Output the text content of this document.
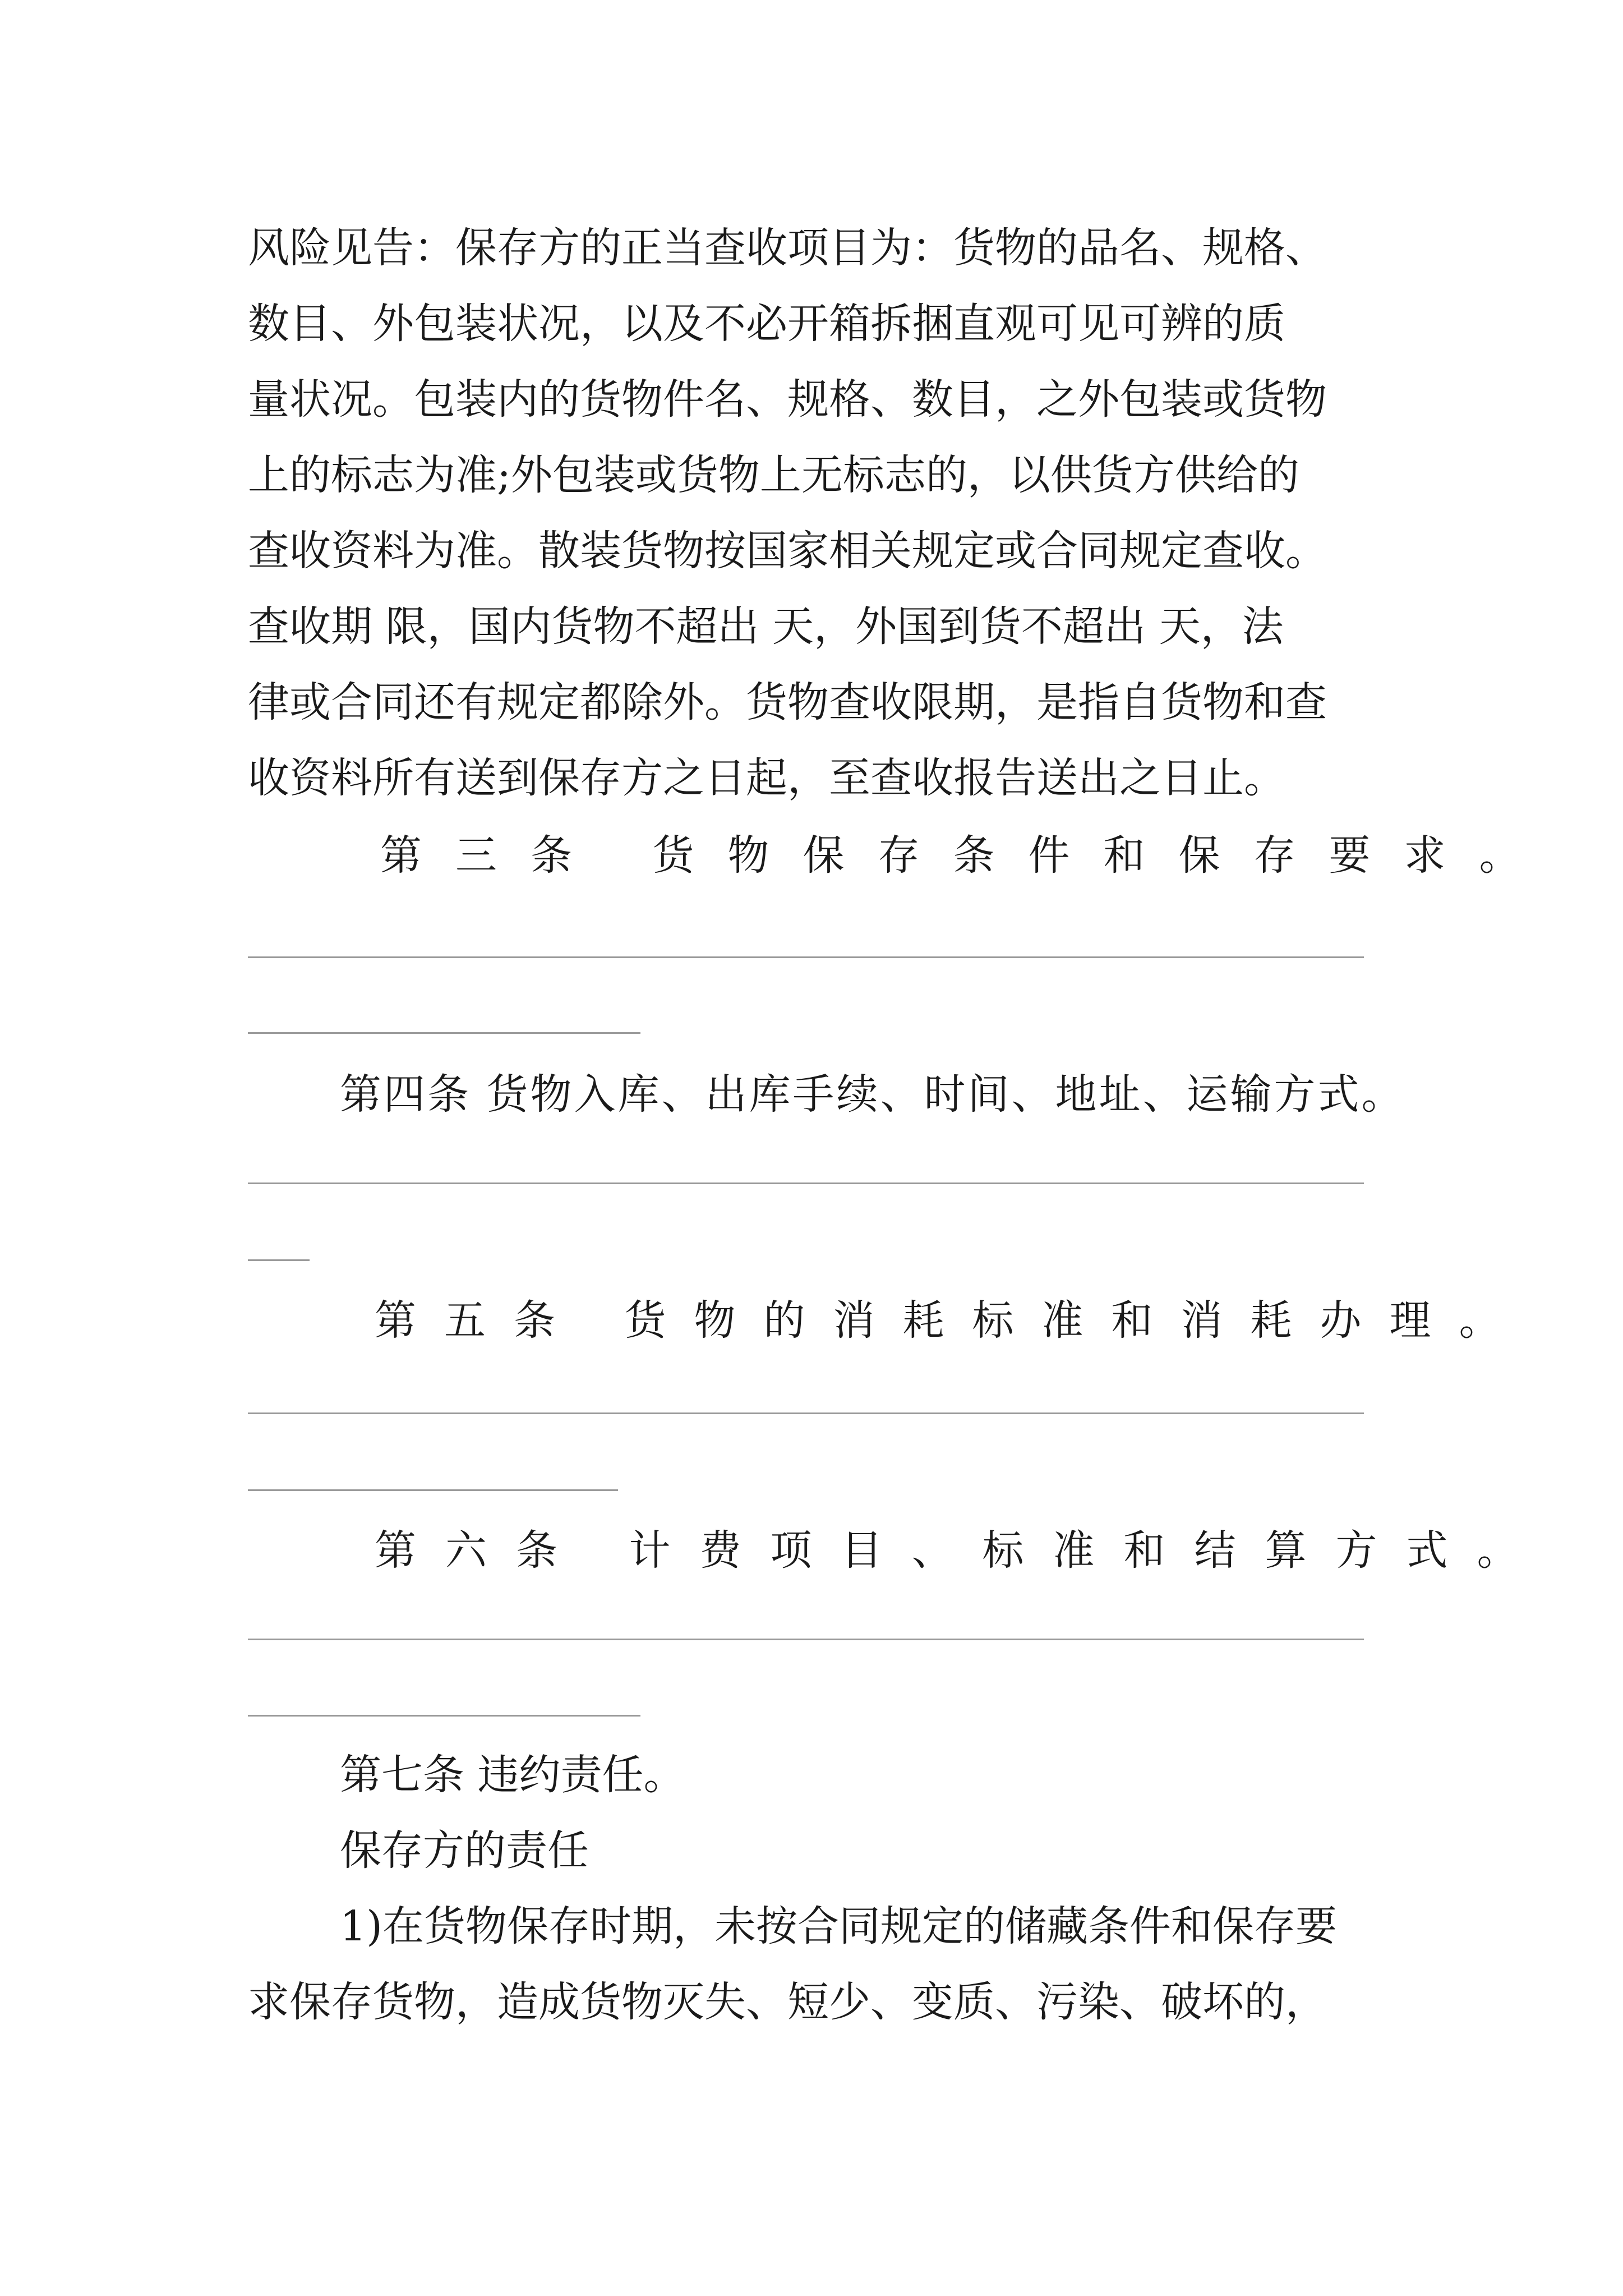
风险见告：保存方的正当查收项目为：货物的品名、规格、
数目、外包装状况，以及不必开箱拆捆直观可见可辨的质
量状况。包装内的货物件名、规格、数目，之外包装或货物
上的标志为准;外包装或货物上无标志的，以供货方供给的
查收资料为准。散装货物按国家相关规定或合同规定查收。
查收期 限，国内货物不超出 天，外国到货不超出 天，法
律或合同还有规定都除外。货物查收限期，是指自货物和查
收资料所有送到保存方之日起，至查收报告送出之日止。
第三条 货物保存条件和保存要求。
第四条 货物入库、出库手续、时间、地址、运输方式。
第五条 货物的消耗标准和消耗办理。
第六条 计费项目、标准和结算方式。
第七条 违约责任。
保存方的责任
1)在货物保存时期，未按合同规定的储藏条件和保存要
求保存货物，造成货物灭失、短少、变质、污染、破坏的，
